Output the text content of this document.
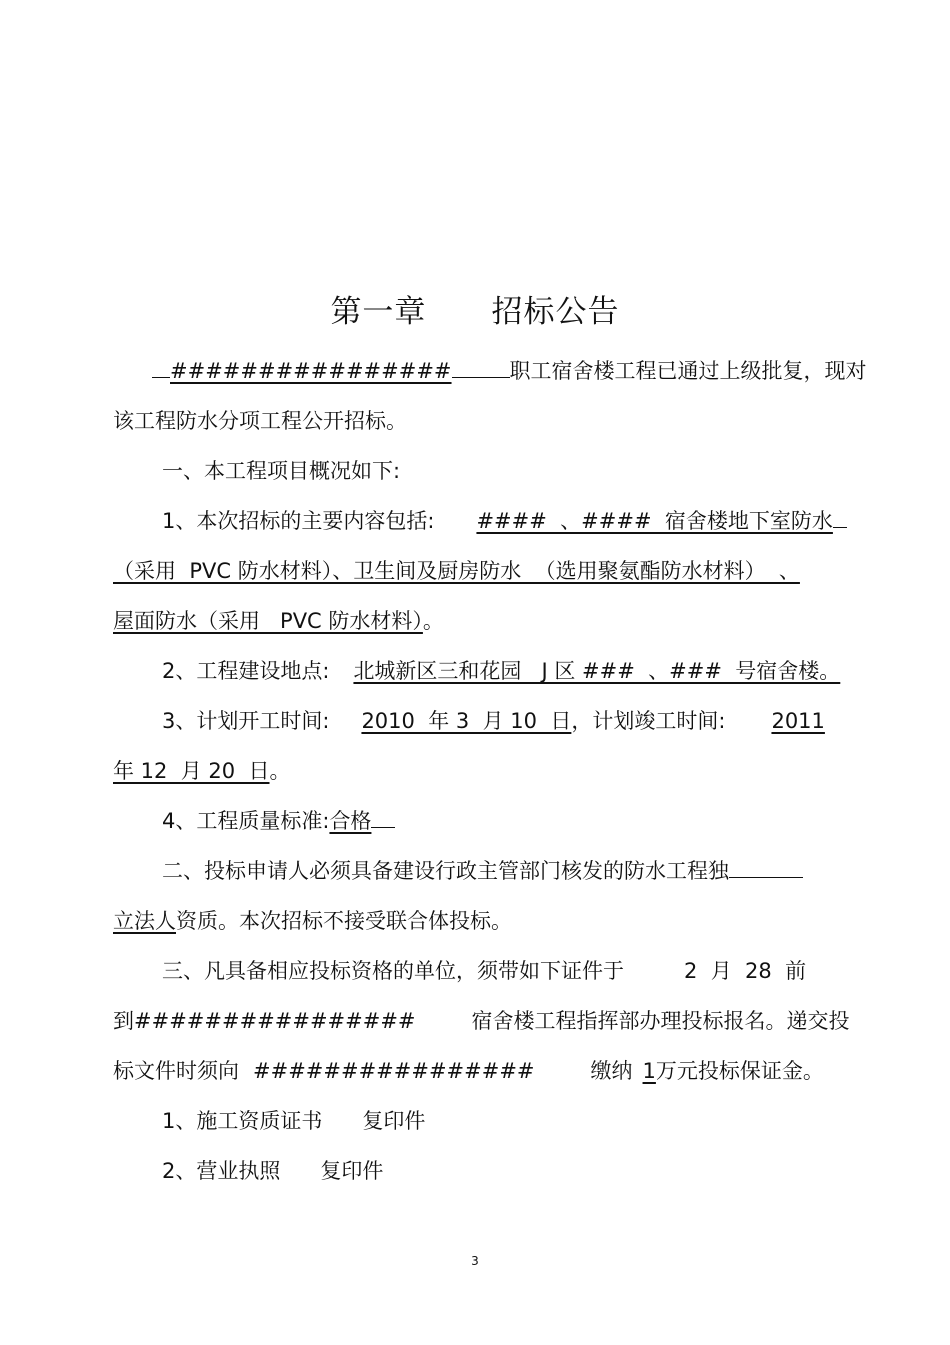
第一章      招标公告
################	职工宿舍楼工程已通过上级批复，现对
该工程防水分项工程公开招标。
一、本工程项目概况如下:
1、本次招标的主要内容包括: ####  、####  宿舍楼地下室防水
（采用  PVC 防水材料）、卫生间及厨房防水  （选用聚氨酯防水材料）  、
屋面防水（采用   PVC 防水材料）。
2、工程建设地点: 北城新区三和花园   J 区 ###  、###  号宿舍楼。
3、计划开工时间: 2010  年 3  月 10  日，计划竣工时间: 2011
年 12  月 20  日。
4、工程质量标准:合格
二、投标申请人必须具备建设行政主管部门核发的防水工程独
立法人资质。本次招标不接受联合体投标。
三、凡具备相应投标资格的单位，须带如下证件于	2  月  28  前
到################	宿舍楼工程指挥部办理投标报名。递交投
标文件时须向 ################	缴纳 1万元投标保证金。
1、施工资质证书      复印件
2、营业执照      复印件
3
